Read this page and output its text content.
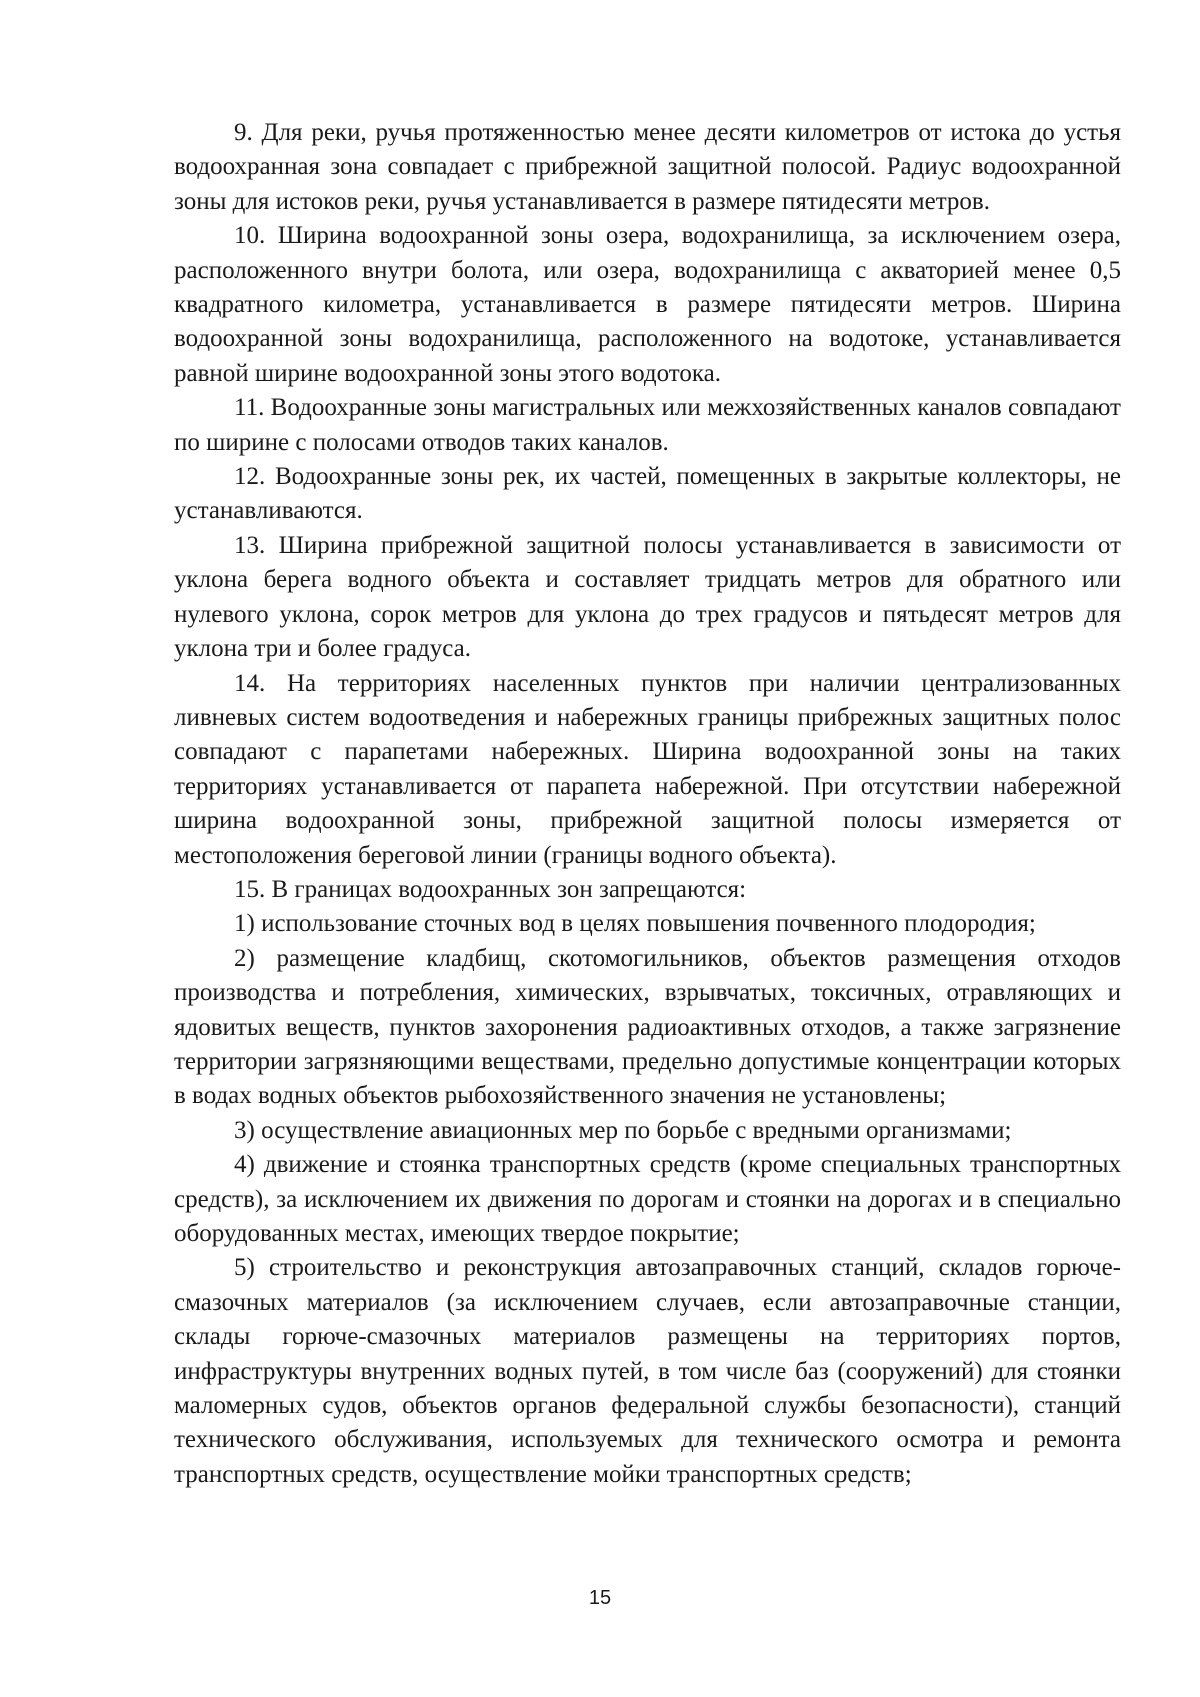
9. Для реки, ручья протяженностью менее десяти километров от истока до устья водоохранная зона совпадает с прибрежной защитной полосой. Радиус водоохранной зоны для истоков реки, ручья устанавливается в размере пятидесяти метров.

10. Ширина водоохранной зоны озера, водохранилища, за исключением озера, расположенного внутри болота, или озера, водохранилища с акваторией менее 0,5 квадратного километра, устанавливается в размере пятидесяти метров. Ширина водоохранной зоны водохранилища, расположенного на водотоке, устанавливается равной ширине водоохранной зоны этого водотока.

11. Водоохранные зоны магистральных или межхозяйственных каналов совпадают по ширине с полосами отводов таких каналов.

12. Водоохранные зоны рек, их частей, помещенных в закрытые коллекторы, не устанавливаются.

13. Ширина прибрежной защитной полосы устанавливается в зависимости от уклона берега водного объекта и составляет тридцать метров для обратного или нулевого уклона, сорок метров для уклона до трех градусов и пятьдесят метров для уклона три и более градуса.

14. На территориях населенных пунктов при наличии централизованных ливневых систем водоотведения и набережных границы прибрежных защитных полос совпадают с парапетами набережных. Ширина водоохранной зоны на таких территориях устанавливается от парапета набережной. При отсутствии набережной ширина водоохранной зоны, прибрежной защитной полосы измеряется от местоположения береговой линии (границы водного объекта).

15. В границах водоохранных зон запрещаются:

1) использование сточных вод в целях повышения почвенного плодородия;

2) размещение кладбищ, скотомогильников, объектов размещения отходов производства и потребления, химических, взрывчатых, токсичных, отравляющих и ядовитых веществ, пунктов захоронения радиоактивных отходов, а также загрязнение территории загрязняющими веществами, предельно допустимые концентрации которых в водах водных объектов рыбохозяйственного значения не установлены;

3) осуществление авиационных мер по борьбе с вредными организмами;

4) движение и стоянка транспортных средств (кроме специальных транспортных средств), за исключением их движения по дорогам и стоянки на дорогах и в специально оборудованных местах, имеющих твердое покрытие;

5) строительство и реконструкция автозаправочных станций, складов горюче-смазочных материалов (за исключением случаев, если автозаправочные станции, склады горюче-смазочных материалов размещены на территориях портов, инфраструктуры внутренних водных путей, в том числе баз (сооружений) для стоянки маломерных судов, объектов органов федеральной службы безопасности), станций технического обслуживания, используемых для технического осмотра и ремонта транспортных средств, осуществление мойки транспортных средств;

15
